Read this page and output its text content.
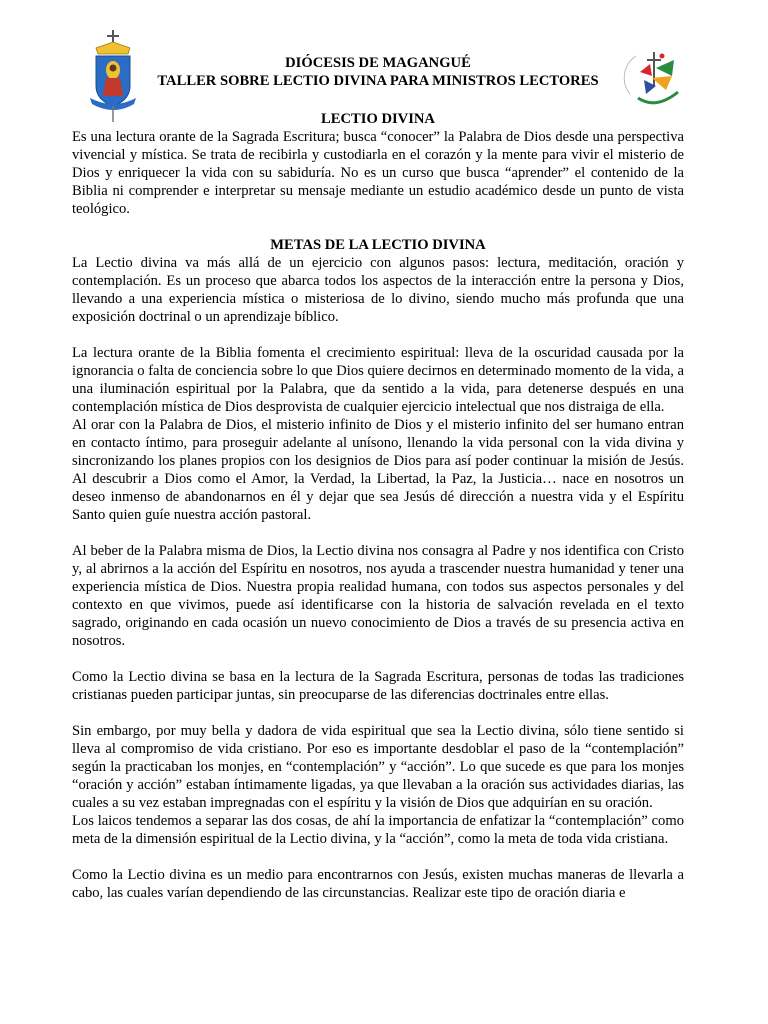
DIÓCESIS DE MAGANGUÉ
TALLER SOBRE LECTIO DIVINA PARA MINISTROS LECTORES
LECTIO DIVINA

Es una lectura orante de la Sagrada Escritura; busca “conocer” la Palabra de Dios desde una perspectiva vivencial y mística. Se trata de recibirla y custodiarla en el corazón y la mente para vivir el misterio de Dios y enriquecer la vida con su sabiduría. No es un curso que busca “aprender” el contenido de la Biblia ni comprender e interpretar su mensaje mediante un estudio académico desde un punto de vista teológico.

METAS DE LA LECTIO DIVINA

La Lectio divina va más allá de un ejercicio con algunos pasos: lectura, meditación, oración y contemplación. Es un proceso que abarca todos los aspectos de la interacción entre la persona y Dios, llevando a una experiencia mística o misteriosa de lo divino, siendo mucho más profunda que una exposición doctrinal o un aprendizaje bíblico.

La lectura orante de la Biblia fomenta el crecimiento espiritual: lleva de la oscuridad causada por la ignorancia o falta de conciencia sobre lo que Dios quiere decirnos en determinado momento de la vida, a una iluminación espiritual por la Palabra, que da sentido a la vida, para detenerse después en una contemplación mística de Dios desprovista de cualquier ejercicio intelectual que nos distraiga de ella.

Al orar con la Palabra de Dios, el misterio infinito de Dios y el misterio infinito del ser humano entran en contacto íntimo, para proseguir adelante al unísono, llenando la vida personal con la vida divina y sincronizando los planes propios con los designios de Dios para así poder continuar la misión de Jesús. Al descubrir a Dios como el Amor, la Verdad, la Libertad, la Paz, la Justicia… nace en nosotros un deseo inmenso de abandonarnos en él y dejar que sea Jesús dé dirección a nuestra vida y el Espíritu Santo quien guíe nuestra acción pastoral.

Al beber de la Palabra misma de Dios, la Lectio divina nos consagra al Padre y nos identifica con Cristo y, al abrirnos a la acción del Espíritu en nosotros, nos ayuda a trascender nuestra humanidad y tener una experiencia mística de Dios. Nuestra propia realidad humana, con todos sus aspectos personales y del contexto en que vivimos, puede así identificarse con la historia de salvación revelada en el texto sagrado, originando en cada ocasión un nuevo conocimiento de Dios a través de su presencia activa en nosotros.

Como la Lectio divina se basa en la lectura de la Sagrada Escritura, personas de todas las tradiciones cristianas pueden participar juntas, sin preocuparse de las diferencias doctrinales entre ellas.

Sin embargo, por muy bella y dadora de vida espiritual que sea la Lectio divina, sólo tiene sentido si lleva al compromiso de vida cristiano. Por eso es importante desdoblar el paso de la “contemplación” según la practicaban los monjes, en “contemplación” y “acción”. Lo que sucede es que para los monjes “oración y acción” estaban íntimamente ligadas, ya que llevaban a la oración sus actividades diarias, las cuales a su vez estaban impregnadas con el espíritu y la visión de Dios que adquirían en su oración.

Los laicos tendemos a separar las dos cosas, de ahí la importancia de enfatizar la “contemplación” como meta de la dimensión espiritual de la Lectio divina, y la “acción”, como la meta de toda vida cristiana.

Como la Lectio divina es un medio para encontrarnos con Jesús, existen muchas maneras de llevarla a cabo, las cuales varían dependiendo de las circunstancias. Realizar este tipo de oración diaria e
